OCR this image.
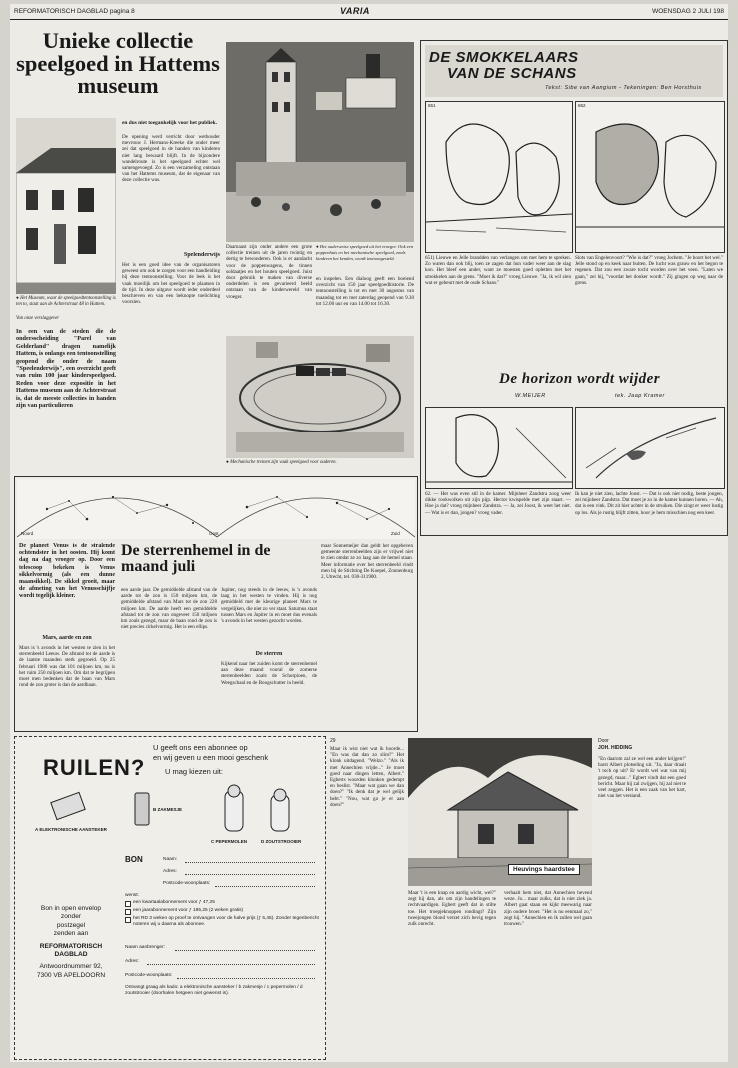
REFORMATORISCH DAGBLAD pagina 8	VARIA	WOENSDAG 2 JULI 198
Unieke collectie speelgoed in Hattems museum
● Het Museum, waar de speelgoedtentoonstelling is ten to, staat aan de Achterstraat 48 in Hattem.
Van onze verslaggever
In een van de steden die de ondersscheiding "Parel van Gelderland" dragen namelijk Hattem, is onlangs een tentoonstelling geopend die onder de naam "Speelenderwijs", een overzicht geeft van ruim 100 jaar kinderspeelgoed. Reden voor deze expositie in het Hattems museum aan de Achterstraat is, dat de meeste collecties in handen zijn van particulieren
en dus niet toegankelijk voor het publiek.
De opening werd verricht door wethouder mevrouw J. Hermans-Kreeke die onder meer zei dat speelgoed in de handen van kinderen niet lang bewaard blijft. In de bijzondere wandelroute is het speelgoed echter wel samengevoegd. Zo is een verzameling ontstaan van het Hattems museum, dat de eigenaar van deze collectie was.
Spelenderwijs
Het is een goed idee van de organisatoren geweest om ook te zorgen voor een handleiding bij deze tentoonstelling. Voor de leek is het vaak moeilijk om het speelgoed te plaatsen in de tijd. In deze uitgave wordt ieder onderdeel beschreven en van een beknopte toelichting voorzien.
● Het ouderwetse speelgoed uit het vroeger. Ook een poppenhuis en het mechanische speelgoed, zoals kinderen het kenden, wordt tentoongesteld.
Daarnaast zijn onder andere een grote collectie treinen uit de jaren twintig en dertig te bewonderen. Ook is er aandacht voor de poppenwagens, de tinnen soldaatjes en het houten speelgoed. Juist door gebruik te maken van diverse onderdelen is een gevarieerd beeld ontstaan van de kinderwereld van vroeger.
en inspelen. Een dialoog geeft een boeiend overzicht van 150 jaar speelgoedhistorie. De tentoonstelling is tot en met 30 augustus van maandag tot en met zaterdag geopend van 9.30 tot 12.00 uur en van 14.00 tot 16.30.
● Mechanische treinen zijn vaak speelgoed voor ouderen.
DE SMOKKELAARS
VAN DE SCHANS
Tekst: Sibe van Aangium - Tekeningen: Ben Horsthuis
651	652
651) Lieuwe en Jelle brandden van verlangen om met hem te spreken. Zo waren dan ook blij, toen ze zagen dat hun vader weer aan de slag kon. Het bleef een ander, want ze moesten goed opletten met het smokkelen aan de grens. "Moet ik dat?" vroeg Lieuwe. "Ja, ik wil zien wat er gebeurt met de oude Schans."
Slots van Engelenvoort? "Wie is dat?" vroeg Jochem. "Je hoort het wel." Jelle stond op en keek naar buiten. De lucht was grauw en het begon te regenen. Dat zou een zware tocht worden over het veen. "Laten we gaan," zei hij, "voordat het donker wordt." Zij gingen op weg naar de grens.
De horizon wordt wijder
W.MEIJER	tek. Jaap Kramer
62. — Het was even stil in de kamer. Mijnheer Zandstra zoog weer dikke rookwolken uit zijn pijp. Hector kwispelde met zijn staart. — Hoe ja dat? vroeg mijnheer Zandstra. — Ja, zei Joost, ik weet het niet. — Wat is er dan, jongen? vroeg vader.
Ik kan je niet zien, lachte Joost. — Dat is ook niet nodig, beste jongen, zei mijnheer Zandstra. Dat moet je zo in de kamer kunnen horen. — Ah, dat is een vink. Dit zit hier achter in de struiken. Die zingt er weer lustig op los. Als je rustig blijft zitten, hoor je hem misschien nog een keer.
Noord	Oost	Zuid
De planeet Venus is de stralende ochtendster in het oosten. Hij komt dag na dag vroeger op. Door een telescoop bekeken is Venus sikkelvormig (als een dunne maansikkel). De sikkel groeit, maar de afmeting van het Venusschijfje wordt tegelijk kleiner.
Mars, aarde en zon
Mars is 's avonds in het westen te zien in het sterrenbeeld Leeuw. De afstand tot de aarde is de laatste maanden sterk gegroeid. Op 25 februari 1980 was dat 101 miljoen km, nu is het ruim 250 miljoen km. Om dat te begrijpen moet men bedenken dat de baan van Mars rond de zon groter is dan de aardbaan.
De sterrenhemel in de maand juli
een aarde jaar. De gemiddelde afstand van de aarde tot de zon is 150 miljoen km, de gemiddelde afstand van Mars tot de zon 228 miljoen km. De aarde heeft een gemiddelde afstand tot de zon van ongeveer 150 miljoen km zoals gezegd, maar de baan rond de zon is niet precies cirkelvormig. Het is een ellips.
Jupiter, nog steeds in de leeuw, is 's avonds laag in het westen te vinden. Hij is nog gemiddeld met de kleurige planeet Mars te vergelijken, die niet zo ver staat. Saturnus staat tussen Mars en Jupiter in en moet dus evenals 's avonds in het westen gezocht worden.
De sterren
Kijkend naar het zuiden komt de sterrenhemel aan deze maand vooral de zomerse sterrenbeelden zoals de Schorpioen, de Weegschaal en de Boogschutter in beeld.
maar Sonnemeijer dan geldt het opgeheven gemeente sterrenbeelden zijn er vrijwel niet te zien omdat ze zo laag aan de hemel staan. Meer informatie over het sterrenbeeld vindt men bij de Stichting De Koepel, Zonnenburg 2, Utrecht, tel. 030-311900.
RUILEN?
U geeft ons een abonnee op
en wij geven u een mooi geschenk
U mag kiezen uit:
A ELEKTRONISCHE AANSTEKER
B ZAKMESJE
C PEPERMOLEN	D ZOUTSTROOIER
BON	Naam:
Adres:
Postcode-woonplaats:
wenst:
een kwartaalabonnement voor ƒ 47,25
een jaarabonnement voor ƒ 185,25 (2 weken gratis)
het RD 3 weken op proef te ontvangen voor de halve prijs (ƒ 5,45). Zonder tegenbericht noteren wij u daarna als abonnee.
Naam aanbrenger:
Adres:
Postcode-woonplaats:
Ontvangt graag als kado: a elektronische aansteker / b zakmesje / c pepermolen / d zoutstrooier (doorhalen hetgeen niet gewenst is).
Bon in open envelop
zonder
postzegel
zenden aan
REFORMATORISCH
DAGBLAD
Antwoordnummer 92,
7300 VB APELDOORN
29
Maar ik wist niet wat ik hoorde... "En was dat dan zo slim?" Het klonk uitdagend. "Welzo." "Als ik met Annechien vrijde..." Je moet goed naar dingen letten, Albert." Egberts woorden klonken gedempt en beslist. "Maar wat gaan we dan doen?" "Ik denk dat je wel gelijk hebt." "Nou, wat ga je er aan doen?"
Heuvings haardstee
Door
JOH. HIDDING
Maar 't is een knap en aardig wicht, wel?" zegt hij dan, als om zijn handelingen te rechtvaardigen. Egbert geeft dat in stilte toe. Het troepjeknoppen rondingt? Zijn tweejongen blond verzet zich hevig tegen zulk onrecht.
verhaalt hem niet, dat Annechien hevend weze. Jo... maar zulks, dat is niet ziek ja. Albert gaat staan en kijkt meewarig naar zijn oudere broer. "Het is nu eenmaal zo," zegt hij. "Annechien en ik zullen wel gaan trouwen."
"En daarom zal ze wel een ander krijgen!" barst Albert plotseling uit. "Ja, daar draait 't toch op uit? Er wordt wel wat van mij gezegd, maar..." Egbert vindt dat een goed bericht. Maar hij zal zwijgen, hij zal niet te veel zeggen. Het is een zaak van het hart, niet van het verstand.
